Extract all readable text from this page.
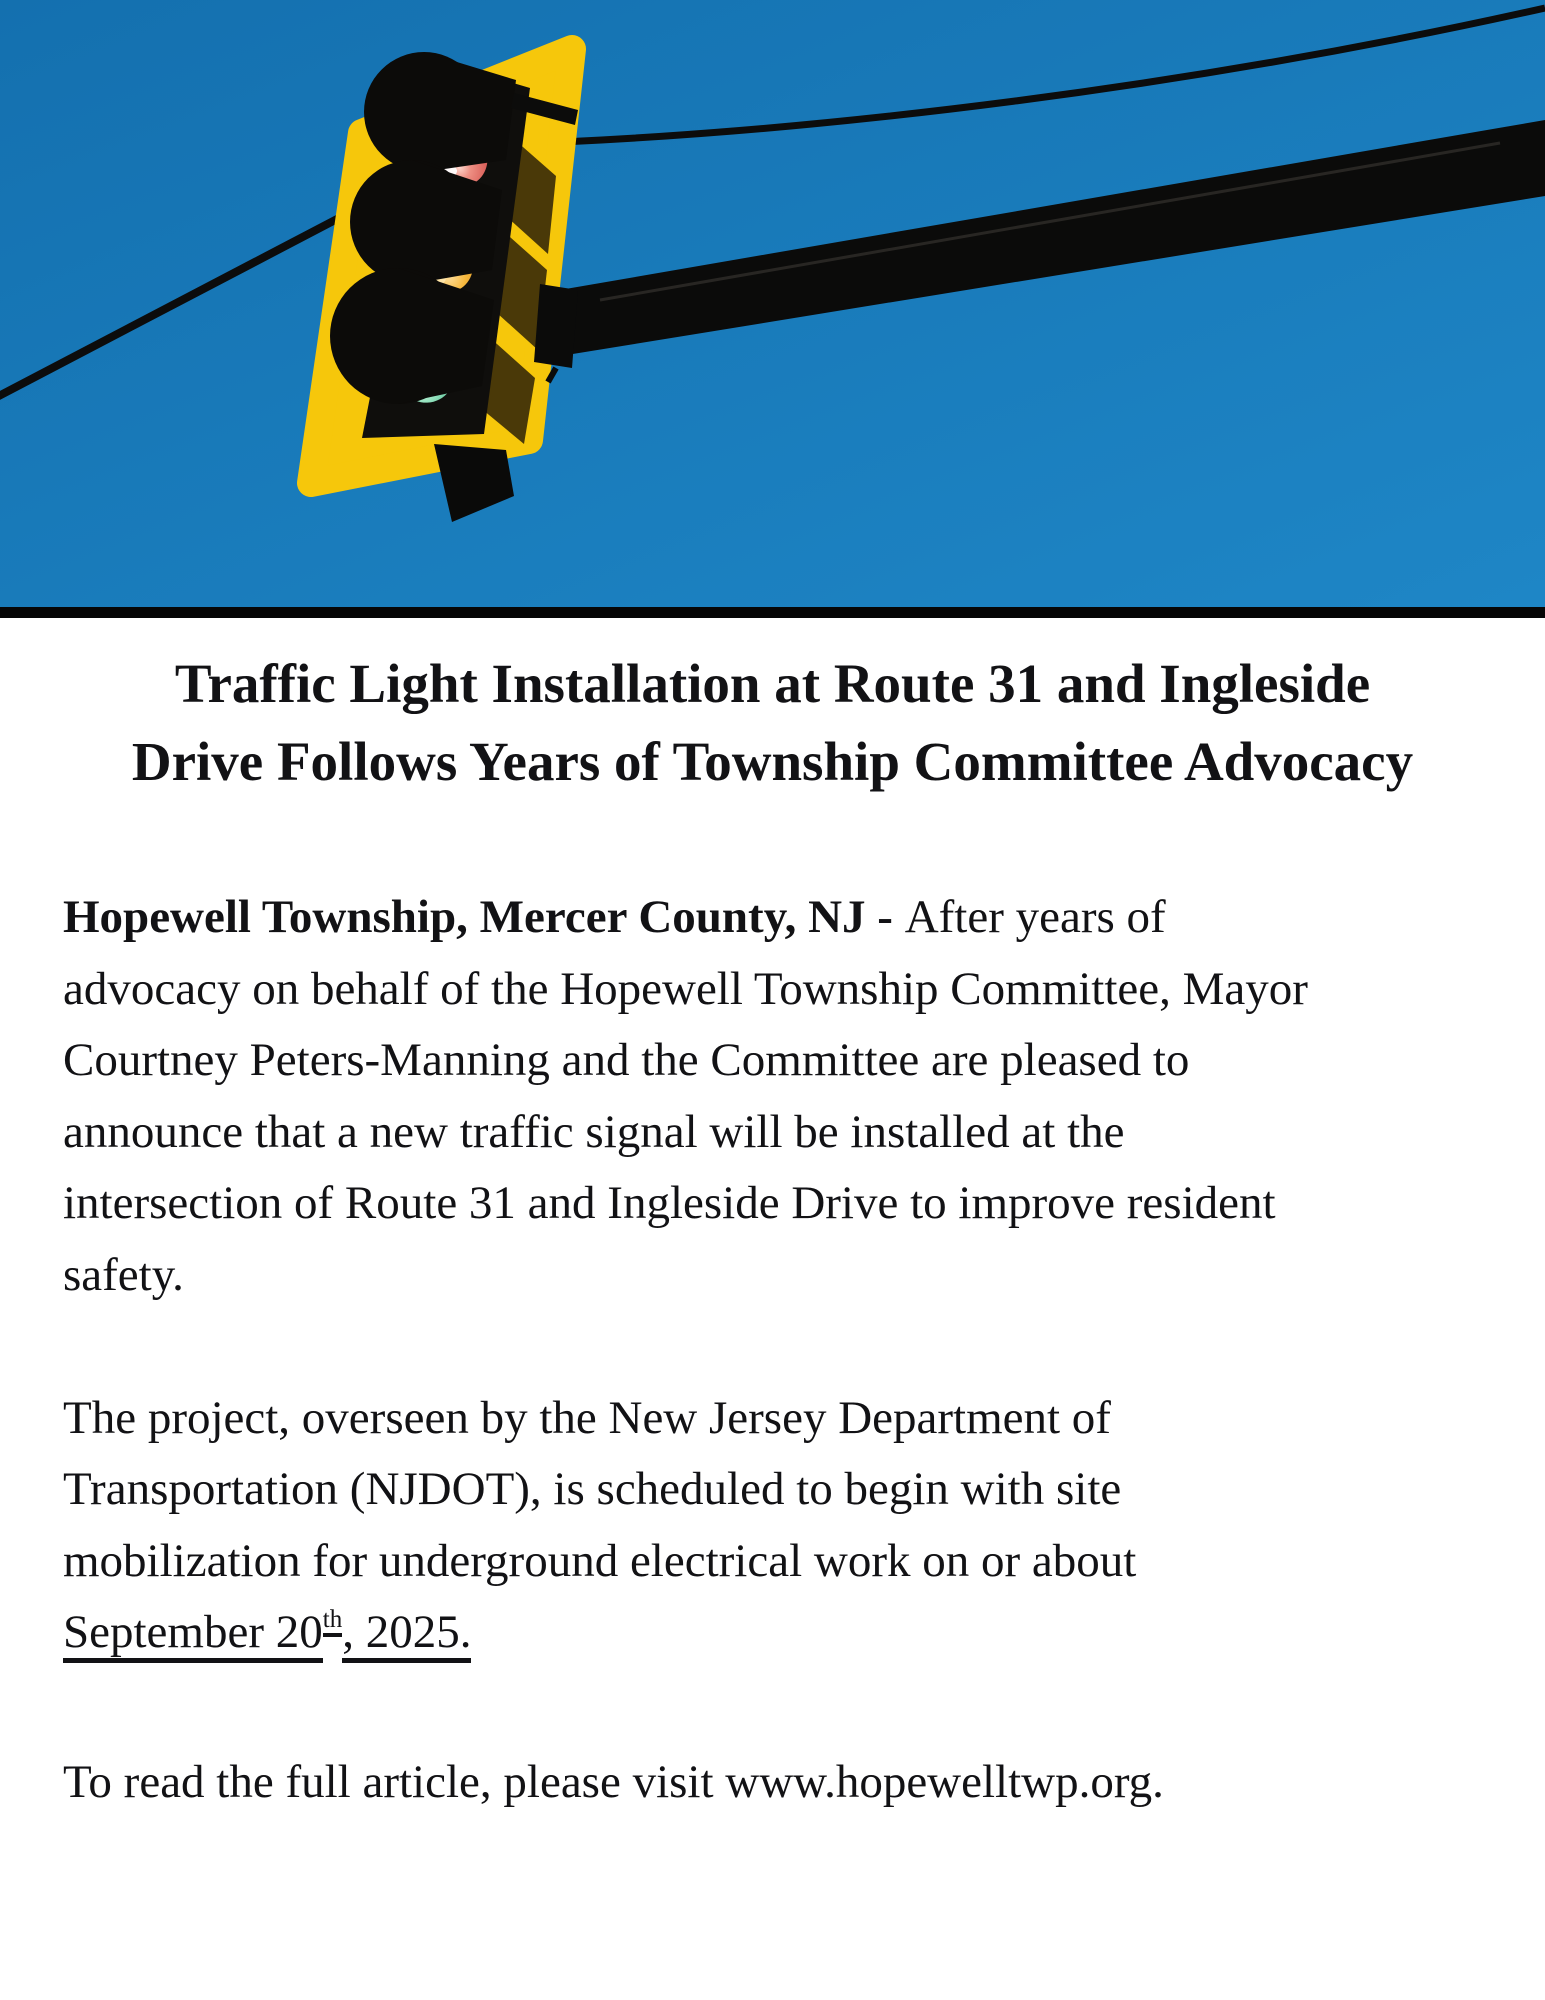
Traffic Light Installation at Route 31 and Ingleside
Drive Follows Years of Township Committee Advocacy
Hopewell Township, Mercer County, NJ - After years of
advocacy on behalf of the Hopewell Township Committee, Mayor
Courtney Peters-Manning and the Committee are pleased to
announce that a new traffic signal will be installed at the
intersection of Route 31 and Ingleside Drive to improve resident
safety.
The project, overseen by the New Jersey Department of
Transportation (NJDOT), is scheduled to begin with site
mobilization for underground electrical work on or about
September 20th, 2025.
To read the full article, please visit www.hopewelltwp.org.
